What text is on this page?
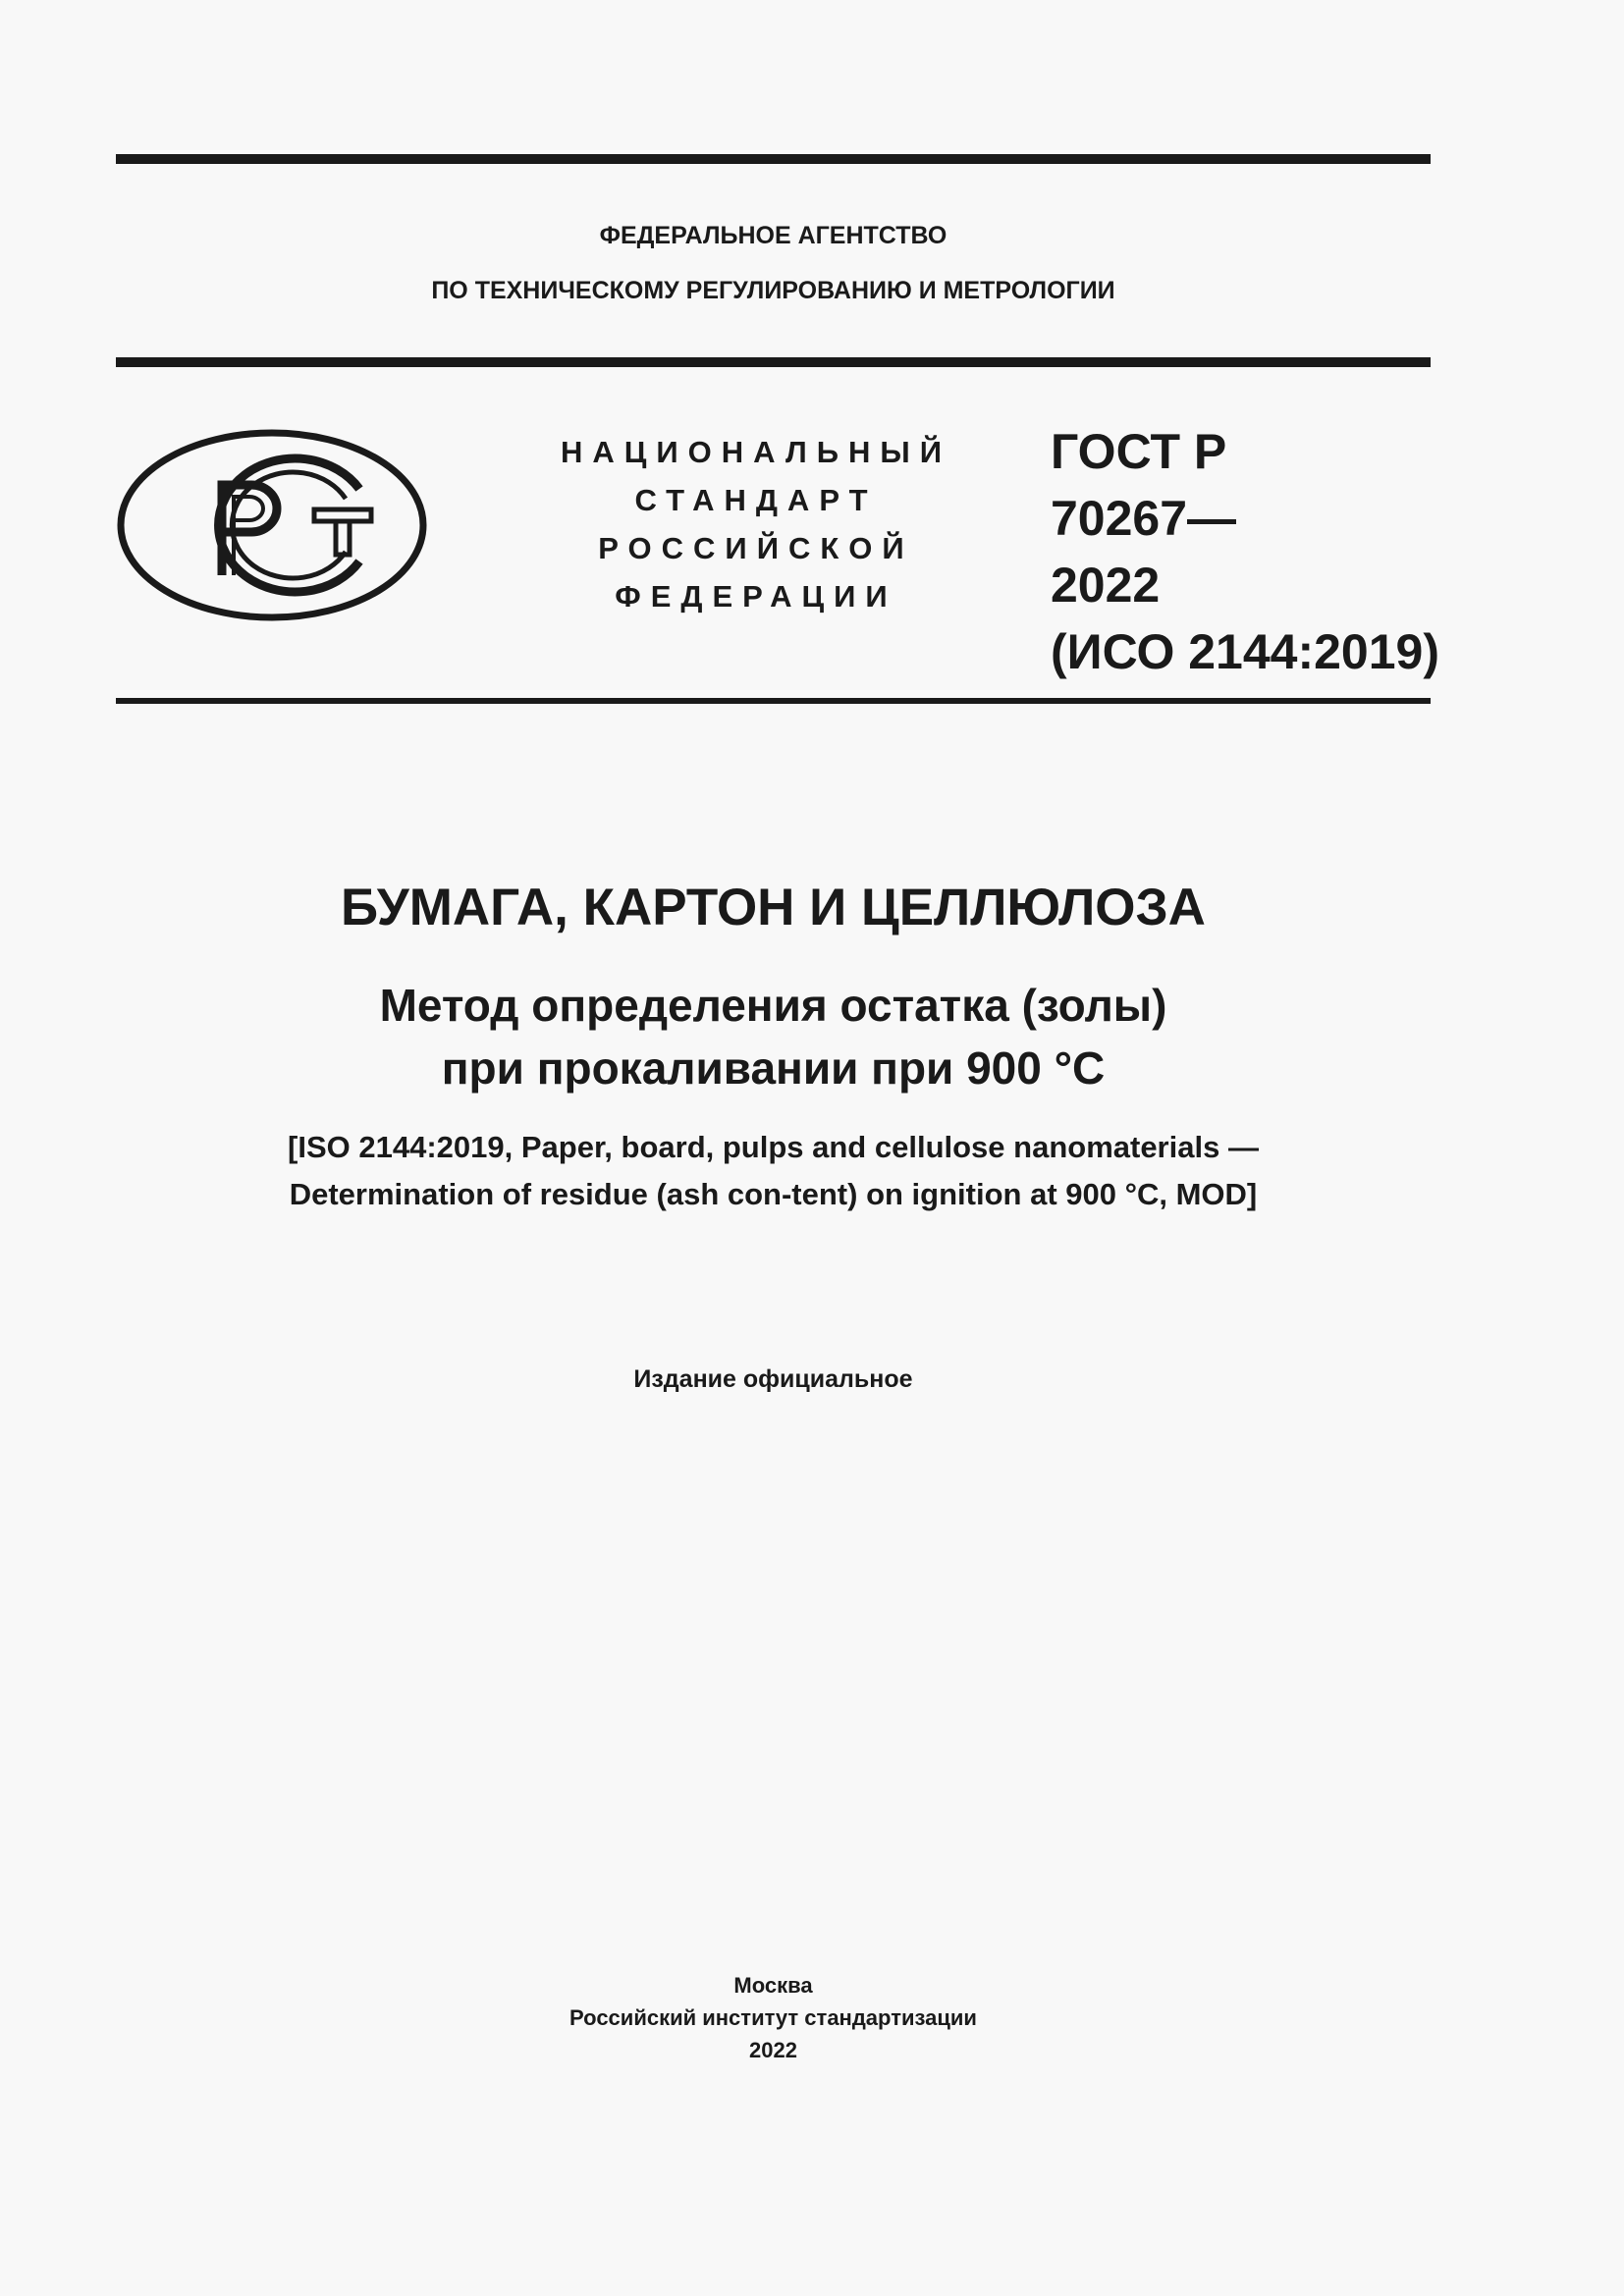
ФЕДЕРАЛЬНОЕ АГЕНТСТВО
ПО ТЕХНИЧЕСКОМУ РЕГУЛИРОВАНИЮ И МЕТРОЛОГИИ
НАЦИОНАЛЬНЫЙ
СТАНДАРТ
РОССИЙСКОЙ
ФЕДЕРАЦИИ
ГОСТ Р
70267—
2022
(ИСО 2144:2019)
БУМАГА, КАРТОН И ЦЕЛЛЮЛОЗА
Метод определения остатка (золы)
при прокаливании при 900 °С
[ISO 2144:2019, Paper, board, pulps and cellulose nanomaterials —
Determination of residue (ash con-tent) on ignition at 900 °C, MOD]
Издание официальное
Москва
Российский институт стандартизации
2022
